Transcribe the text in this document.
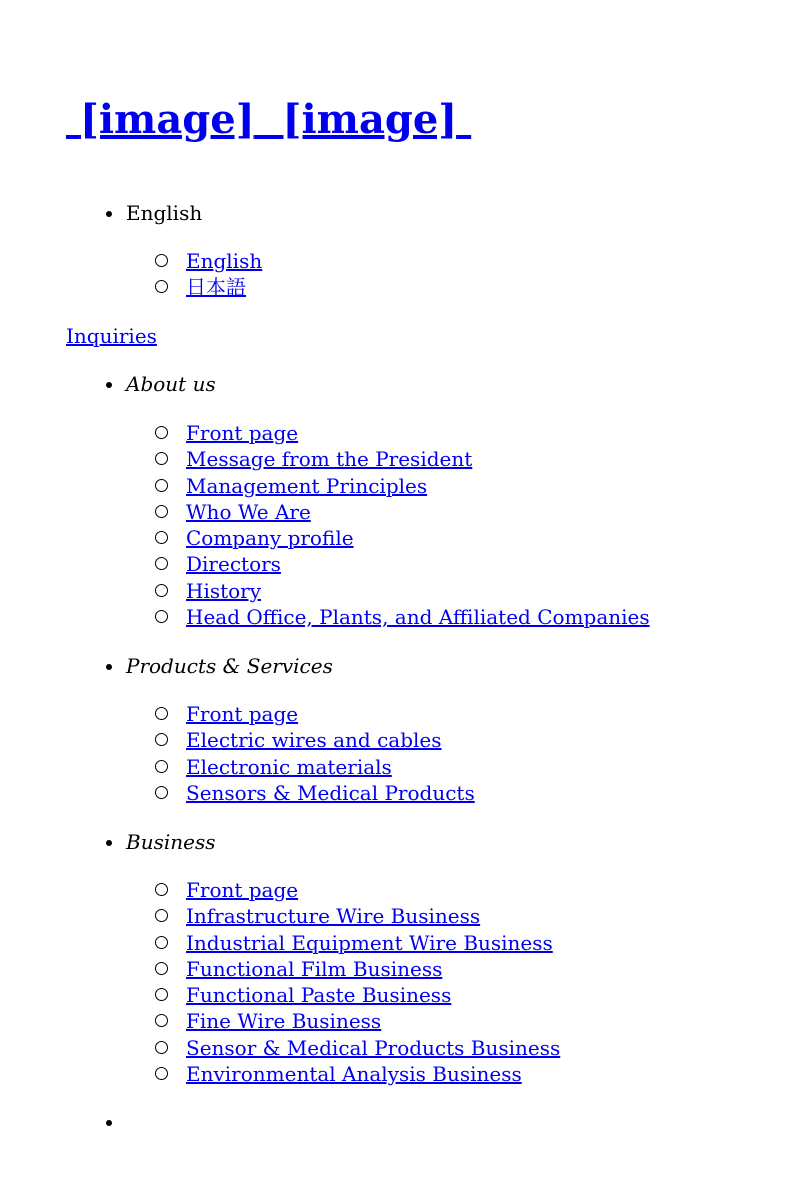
[image] [image]
English
English
日本語
Inquiries
About us
Front page
Message from the President
Management Principles
Who We Are
Company profile
Directors
History
Head Office, Plants, and Affiliated Companies
Products & Services
Front page
Electric wires and cables
Electronic materials
Sensors & Medical Products
Business
Front page
Infrastructure Wire Business
Industrial Equipment Wire Business
Functional Film Business
Functional Paste Business
Fine Wire Business
Sensor & Medical Products Business
Environmental Analysis Business
